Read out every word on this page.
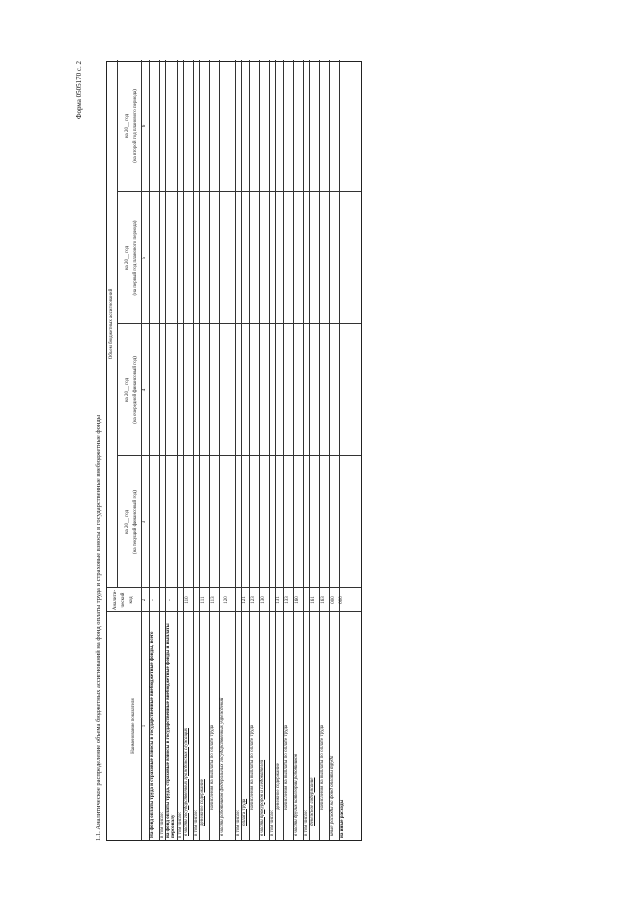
Форма 0505170 с. 2
1.1. Аналитическое распределение объема бюджетных ассигнований на фонд оплаты труда и страховые взносы в государственные внебюджетные фонды	Наименование показателя
Аналити- ческий код
Объем бюджетных ассигнований
на 20__ год (на текущий финансовый год)
на 20__ год (на очередной финансовый год)
на 20__ год (на первый год планового периода)
на 20__ год (на второй год планового периода)
1
2
3
4
5
6
На фонд оплаты труда и страховые взносы в государственные внебюджетные фонды, всего
-
в том числе: на фонд оплаты труда, страховые взносы в государственные внебюджетные фонды и выплаты персоналу
-
в том числе: в части государственных гражданских служащих
110
в том числе: денежное содержание
111
начисления на выплаты по оплате труда
113
в части работников федеральных государственных учреждений
120
в том числе: оплата труда
121
начисления на выплаты по оплате труда
123
в части прокуроров и следователей
130
в том числе:
денежное содержание
131
начисления на выплаты по оплате труда
133
в части других категорий работников
160
в том числе: денежное содержание
161
начисления на выплаты по оплате труда
163
иные расходы на фонд оплаты труда
000
на иные расходы
000
